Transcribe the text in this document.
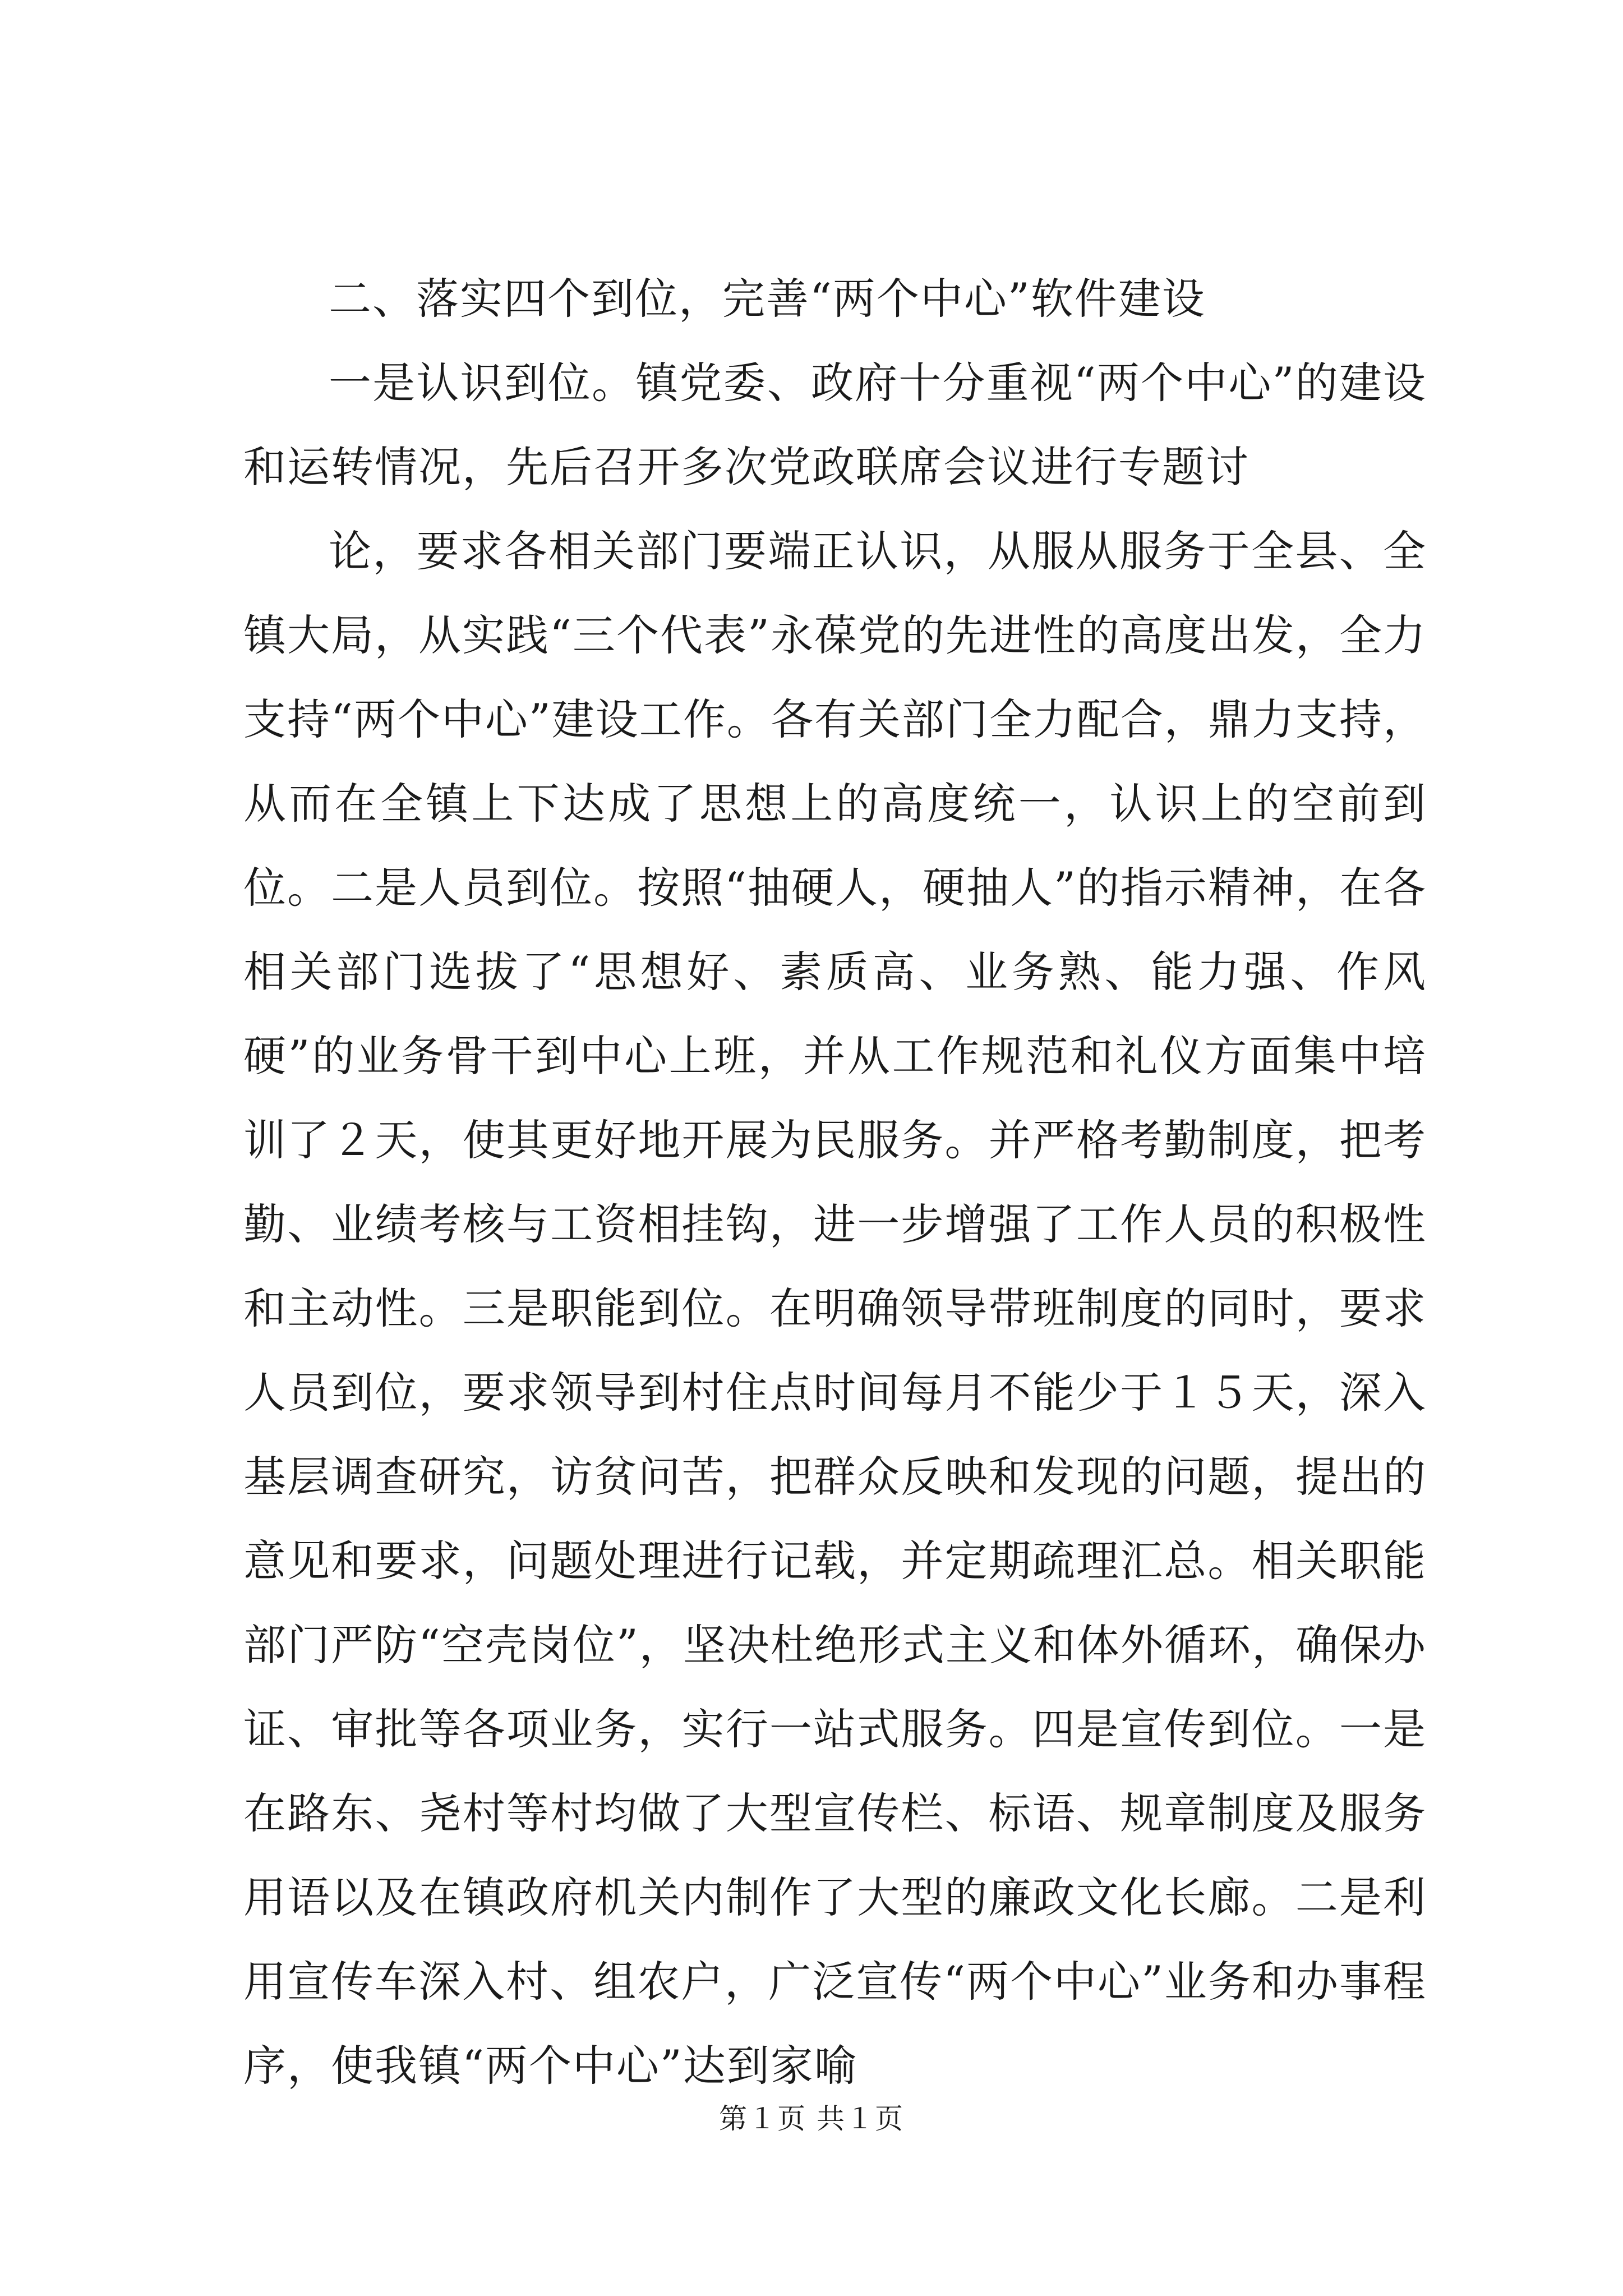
二、落实四个到位，完善“两个中心”软件建设

一是认识到位。镇党委、政府十分重视“两个中心”的建设和运转情况，先后召开多次党政联席会议进行专题讨

论，要求各相关部门要端正认识，从服从服务于全县、全镇大局，从实践“三个代表”永葆党的先进性的高度出发，全力支持“两个中心”建设工作。各有关部门全力配合，鼎力支持，从而在全镇上下达成了思想上的高度统一，认识上的空前到位。二是人员到位。按照“抽硬人，硬抽人”的指示精神，在各相关部门选拔了“思想好、素质高、业务熟、能力强、作风硬”的业务骨干到中心上班，并从工作规范和礼仪方面集中培训了２天，使其更好地开展为民服务。并严格考勤制度，把考勤、业绩考核与工资相挂钩，进一步增强了工作人员的积极性和主动性。三是职能到位。在明确领导带班制度的同时，要求人员到位，要求领导到村住点时间每月不能少于１５天，深入基层调查研究，访贫问苦，把群众反映和发现的问题，提出的意见和要求，问题处理进行记载，并定期疏理汇总。相关职能部门严防“空壳岗位”，坚决杜绝形式主义和体外循环，确保办证、审批等各项业务，实行一站式服务。四是宣传到位。一是在路东、尧村等村均做了大型宣传栏、标语、规章制度及服务用语以及在镇政府机关内制作了大型的廉政文化长廊。二是利用宣传车深入村、组农户，广泛宣传“两个中心”业务和办事程序，使我镇“两个中心”达到家喻

第１页 共１页
